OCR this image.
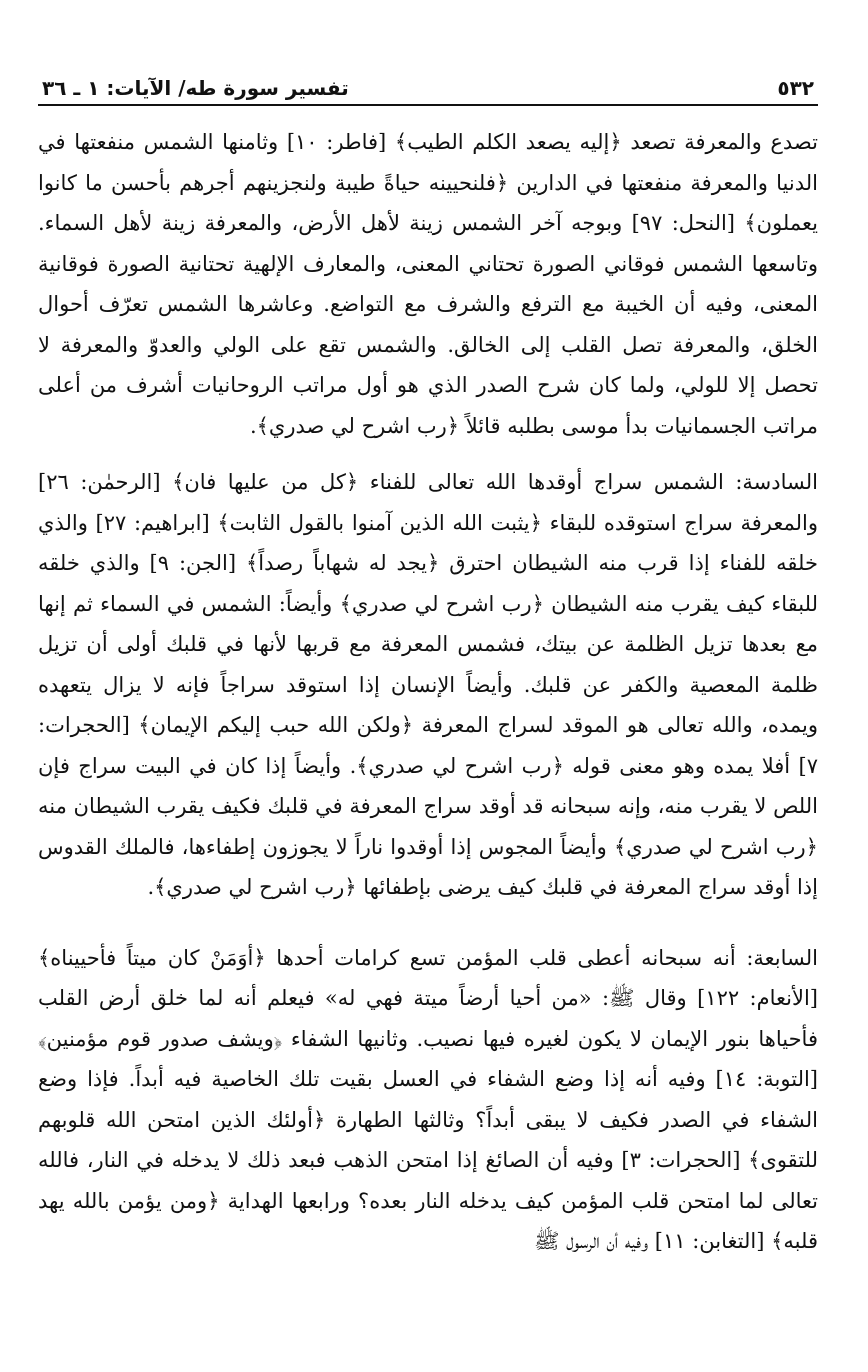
٥٣٢
تفسير سورة طه/ الآيات: ١ ـ ٣٦

تصدع والمعرفة تصعد ﴿إليه يصعد الكلم الطيب﴾ [فاطر: ١٠] وثامنها الشمس منفعتها في الدنيا والمعرفة منفعتها في الدارين ﴿فلنحيينه حياةً طيبة ولنجزينهم أجرهم بأحسن ما كانوا يعملون﴾ [النحل: ٩٧] وبوجه آخر الشمس زينة لأهل الأرض، والمعرفة زينة لأهل السماء. وتاسعها الشمس فوقاني الصورة تحتاني المعنى، والمعارف الإلهية تحتانية الصورة فوقانية المعنى، وفيه أن الخيبة مع الترفع والشرف مع التواضع. وعاشرها الشمس تعرّف أحوال الخلق، والمعرفة تصل القلب إلى الخالق. والشمس تقع على الولي والعدوّ والمعرفة لا تحصل إلا للولي، ولما كان شرح الصدر الذي هو أول مراتب الروحانيات أشرف من أعلى مراتب الجسمانيات بدأ موسى بطلبه قائلاً ﴿رب اشرح لي صدري﴾.

السادسة: الشمس سراج أوقدها الله تعالى للفناء ﴿كل من عليها فان﴾ [الرحمٰن: ٢٦] والمعرفة سراج استوقده للبقاء ﴿يثبت الله الذين آمنوا بالقول الثابت﴾ [ابراهيم: ٢٧] والذي خلقه للفناء إذا قرب منه الشيطان احترق ﴿يجد له شهاباً رصداً﴾ [الجن: ٩] والذي خلقه للبقاء كيف يقرب منه الشيطان ﴿رب اشرح لي صدري﴾ وأيضاً: الشمس في السماء ثم إنها مع بعدها تزيل الظلمة عن بيتك، فشمس المعرفة مع قربها لأنها في قلبك أولى أن تزيل ظلمة المعصية والكفر عن قلبك. وأيضاً الإنسان إذا استوقد سراجاً فإنه لا يزال يتعهده ويمده، والله تعالى هو الموقد لسراج المعرفة ﴿ولكن الله حبب إليكم الإيمان﴾ [الحجرات: ٧] أفلا يمده وهو معنى قوله ﴿رب اشرح لي صدري﴾. وأيضاً إذا كان في البيت سراج فإن اللص لا يقرب منه، وإنه سبحانه قد أوقد سراج المعرفة في قلبك فكيف يقرب الشيطان منه ﴿رب اشرح لي صدري﴾ وأيضاً المجوس إذا أوقدوا ناراً لا يجوزون إطفاءها، فالملك القدوس إذا أوقد سراج المعرفة في قلبك كيف يرضى بإطفائها ﴿رب اشرح لي صدري﴾.

السابعة: أنه سبحانه أعطى قلب المؤمن تسع كرامات أحدها ﴿أوَمَنْ كان ميتاً فأحييناه﴾ [الأنعام: ١٢٢] وقال ﷺ: «من أحيا أرضاً ميتة فهي له» فيعلم أنه لما خلق أرض القلب فأحياها بنور الإيمان لا يكون لغيره فيها نصيب. وثانيها الشفاء ﴿ويشف صدور قوم مؤمنين﴾ [التوبة: ١٤] وفيه أنه إذا وضع الشفاء في العسل بقيت تلك الخاصية فيه أبداً. فإذا وضع الشفاء في الصدر فكيف لا يبقى أبداً؟ وثالثها الطهارة ﴿أولئك الذين امتحن الله قلوبهم للتقوى﴾ [الحجرات: ٣] وفيه أن الصائغ إذا امتحن الذهب فبعد ذلك لا يدخله في النار، فالله تعالى لما امتحن قلب المؤمن كيف يدخله النار بعده؟ ورابعها الهداية ﴿ومن يؤمن بالله يهد قلبه﴾ [التغابن: ١١] وفيه أن الرسول ﷺ
